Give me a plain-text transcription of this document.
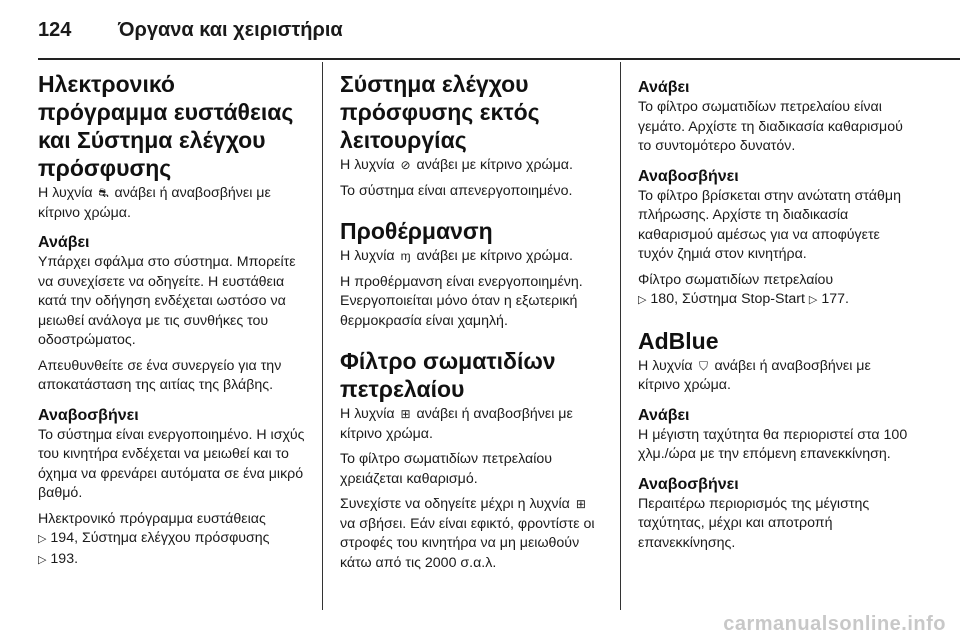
124	Όργανα και χειριστήρια
Ηλεκτρονικό πρόγραμμα ευστάθειας και Σύστημα ελέγχου πρόσφυσης

Η λυχνία ⛐ ανάβει ή αναβοσβήνει με κίτρινο χρώμα.

Ανάβει

Υπάρχει σφάλμα στο σύστημα. Μπορείτε να συνεχίσετε να οδηγείτε. Η ευστάθεια κατά την οδήγηση ενδέχεται ωστόσο να μειωθεί ανάλογα με τις συνθήκες του οδοστρώματος.

Απευθυνθείτε σε ένα συνεργείο για την αποκατάσταση της αιτίας της βλάβης.

Αναβοσβήνει

Το σύστημα είναι ενεργοποιημένο. Η ισχύς του κινητήρα ενδέχεται να μειωθεί και το όχημα να φρενάρει αυτόματα σε ένα μικρό βαθμό.

Ηλεκτρονικό πρόγραμμα ευστάθειας
▷ 194, Σύστημα ελέγχου πρόσφυσης
▷ 193.

Σύστημα ελέγχου πρόσφυσης εκτός λειτουργίας

Η λυχνία ⊘ ανάβει με κίτρινο χρώμα.

Το σύστημα είναι απενεργοποιημένο.

Προθέρμανση

Η λυχνία ɱ ανάβει με κίτρινο χρώμα.

Η προθέρμανση είναι ενεργοποιημένη. Ενεργοποιείται μόνο όταν η εξωτερική θερμοκρασία είναι χαμηλή.

Φίλτρο σωματιδίων πετρελαίου

Η λυχνία ⊞ ανάβει ή αναβοσβήνει με κίτρινο χρώμα.

Το φίλτρο σωματιδίων πετρελαίου χρειάζεται καθαρισμό.

Συνεχίστε να οδηγείτε μέχρι η λυχνία ⊞ να σβήσει. Εάν είναι εφικτό, φροντίστε οι στροφές του κινητήρα να μη μειωθούν κάτω από τις 2000 σ.α.λ.

Ανάβει

Το φίλτρο σωματιδίων πετρελαίου είναι γεμάτο. Αρχίστε τη διαδικασία καθαρισμού το συντομότερο δυνατόν.

Αναβοσβήνει

Το φίλτρο βρίσκεται στην ανώτατη στάθμη πλήρωσης. Αρχίστε τη διαδικασία καθαρισμού αμέσως για να αποφύγετε τυχόν ζημιά στον κινητήρα.

Φίλτρο σωματιδίων πετρελαίου
▷ 180, Σύστημα Stop-Start ▷ 177.

AdBlue

Η λυχνία ⛉ ανάβει ή αναβοσβήνει με κίτρινο χρώμα.

Ανάβει

Η μέγιστη ταχύτητα θα περιοριστεί στα 100 χλμ./ώρα με την επόμενη επανεκκίνηση.

Αναβοσβήνει

Περαιτέρω περιορισμός της μέγιστης ταχύτητας, μέχρι και αποτροπή επανεκκίνησης.

carmanualsonline.info
